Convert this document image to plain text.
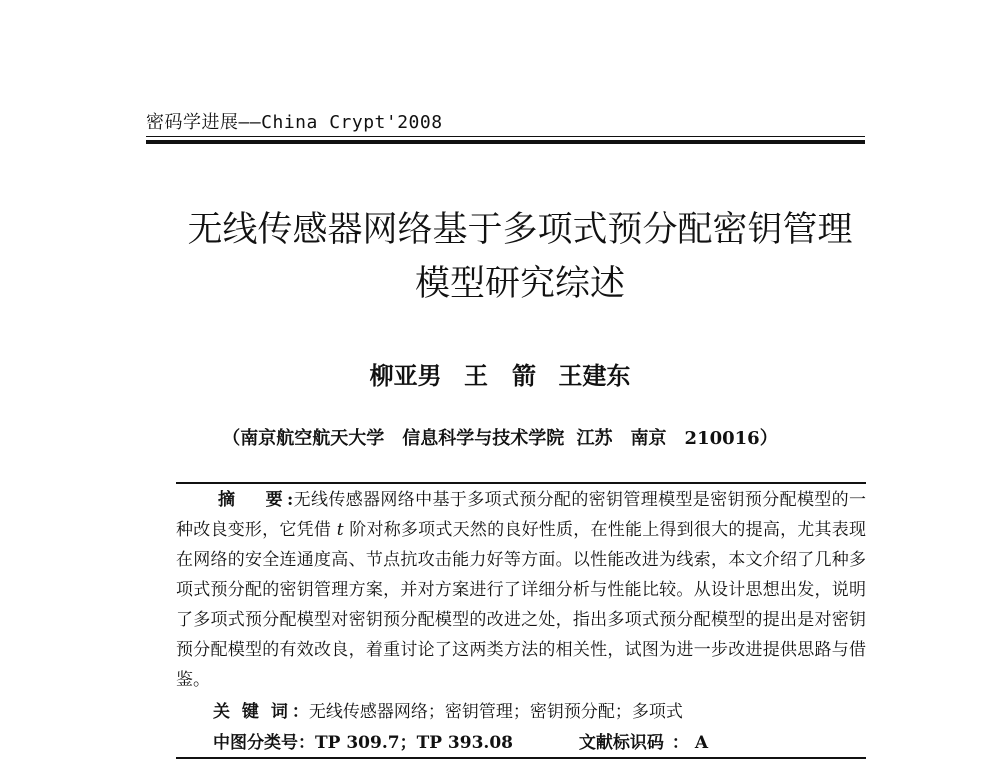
密码学进展——China Crypt'2008
无线传感器网络基于多项式预分配密钥管理
模型研究综述
柳亚男 王　箭 王建东
（南京航空航天大学　信息科学与技术学院 江苏　南京　210016）
摘 要 :无线传感器网络中基于多项式预分配的密钥管理模型是密钥预分配模型的一种改良变形，它凭借 t 阶对称多项式天然的良好性质，在性能上得到很大的提高，尤其表现在网络的安全连通度高、节点抗攻击能力好等方面。以性能改进为线索，本文介绍了几种多项式预分配的密钥管理方案，并对方案进行了详细分析与性能比较。从设计思想出发，说明了多项式预分配模型对密钥预分配模型的改进之处，指出多项式预分配模型的提出是对密钥预分配模型的有效改良，着重讨论了这两类方法的相关性，试图为进一步改进提供思路与借鉴。
关 键 词 ：无线传感器网络；密钥管理；密钥预分配；多项式
中图分类号：TP 309.7；TP 393.08	文献标识码 ： A
